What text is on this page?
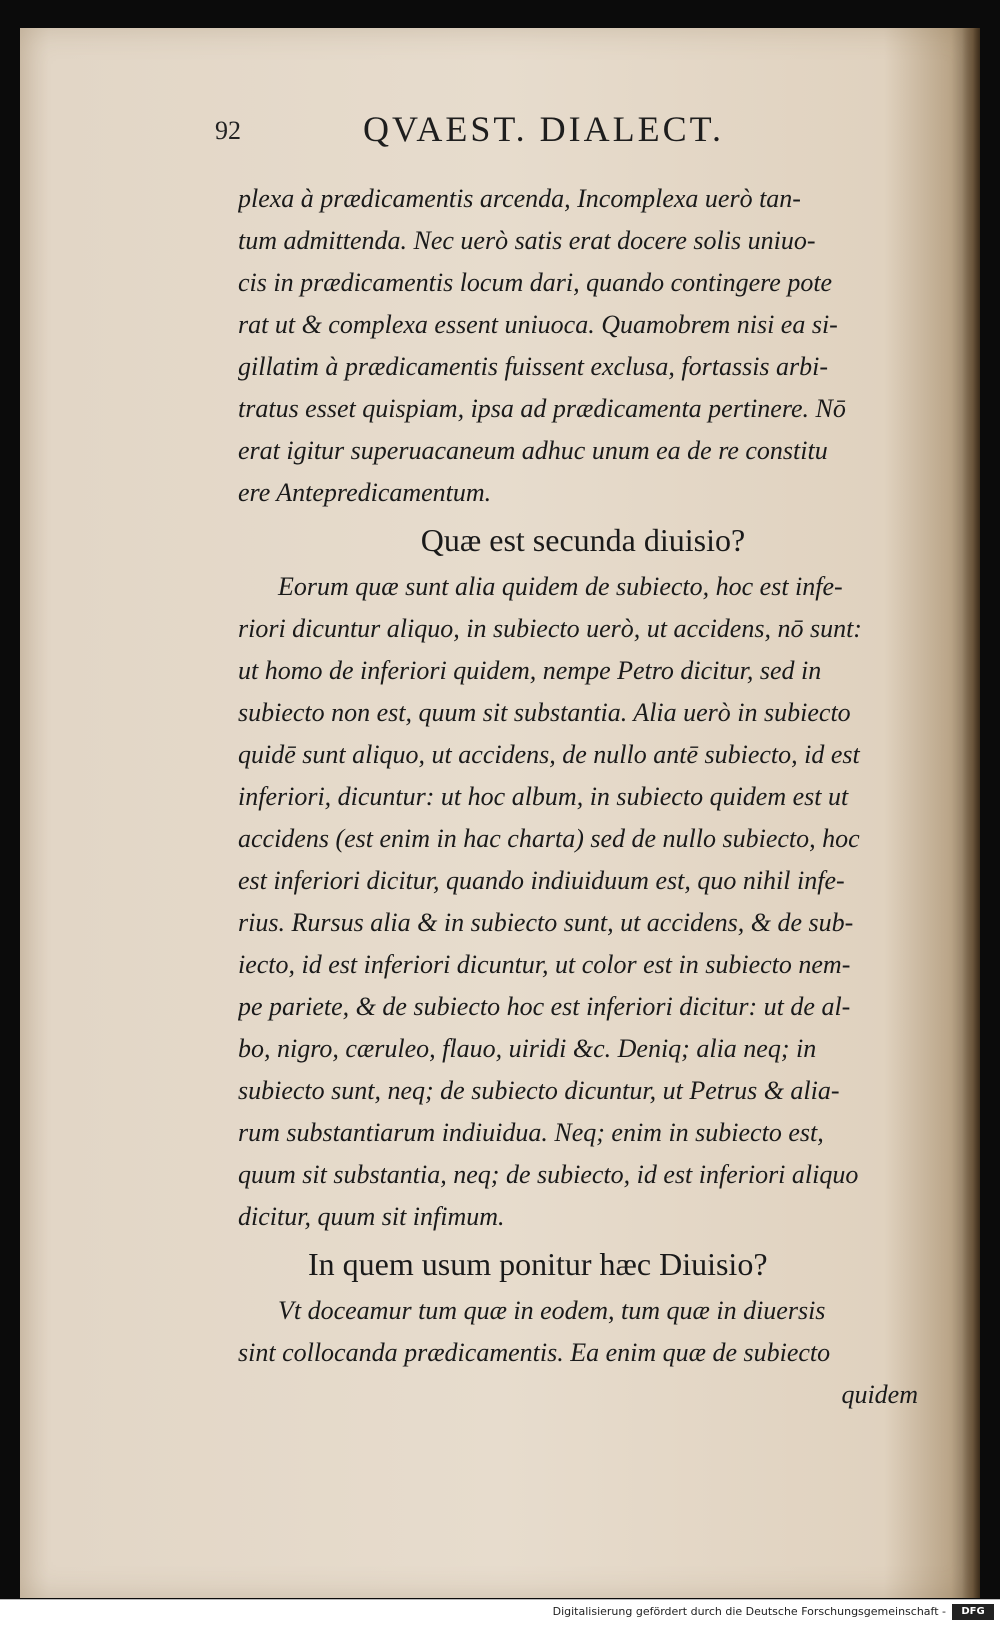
92	QVAEST. DIALECT.
plexa à prædicamentis arcenda, Incomplexa uerò tan-
tum admittenda. Nec uerò satis erat docere solis uniuo-
cis in prædicamentis locum dari, quando contingere pote
rat ut & complexa essent uniuoca. Quamobrem nisi ea si-
gillatim à prædicamentis fuissent exclusa, fortassis arbi-
tratus esset quispiam, ipsa ad prædicamenta pertinere. Nō
erat igitur superuacaneum adhuc unum ea de re constitu
ere Antepredicamentum.
Quæ est secunda diuisio?
Eorum quæ sunt alia quidem de subiecto, hoc est infe-
riori dicuntur aliquo, in subiecto uerò, ut accidens, nō sunt:
ut homo de inferiori quidem, nempe Petro dicitur, sed in
subiecto non est, quum sit substantia. Alia uerò in subiecto
quidē sunt aliquo, ut accidens, de nullo antē subiecto, id est
inferiori, dicuntur: ut hoc album, in subiecto quidem est ut
accidens (est enim in hac charta) sed de nullo subiecto, hoc
est inferiori dicitur, quando indiuiduum est, quo nihil infe-
rius. Rursus alia & in subiecto sunt, ut accidens, & de sub-
iecto, id est inferiori dicuntur, ut color est in subiecto nem-
pe pariete, & de subiecto hoc est inferiori dicitur: ut de al-
bo, nigro, cæruleo, flauo, uiridi &c. Deniq; alia neq; in
subiecto sunt, neq; de subiecto dicuntur, ut Petrus & alia-
rum substantiarum indiuidua. Neq; enim in subiecto est,
quum sit substantia, neq; de subiecto, id est inferiori aliquo
dicitur, quum sit infimum.
In quem usum ponitur hæc Diuisio?
Vt doceamur tum quæ in eodem, tum quæ in diuersis
sint collocanda prædicamentis. Ea enim quæ de subiecto
quidem
Digitalisierung gefördert durch die Deutsche Forschungsgemeinschaft -	DFG
